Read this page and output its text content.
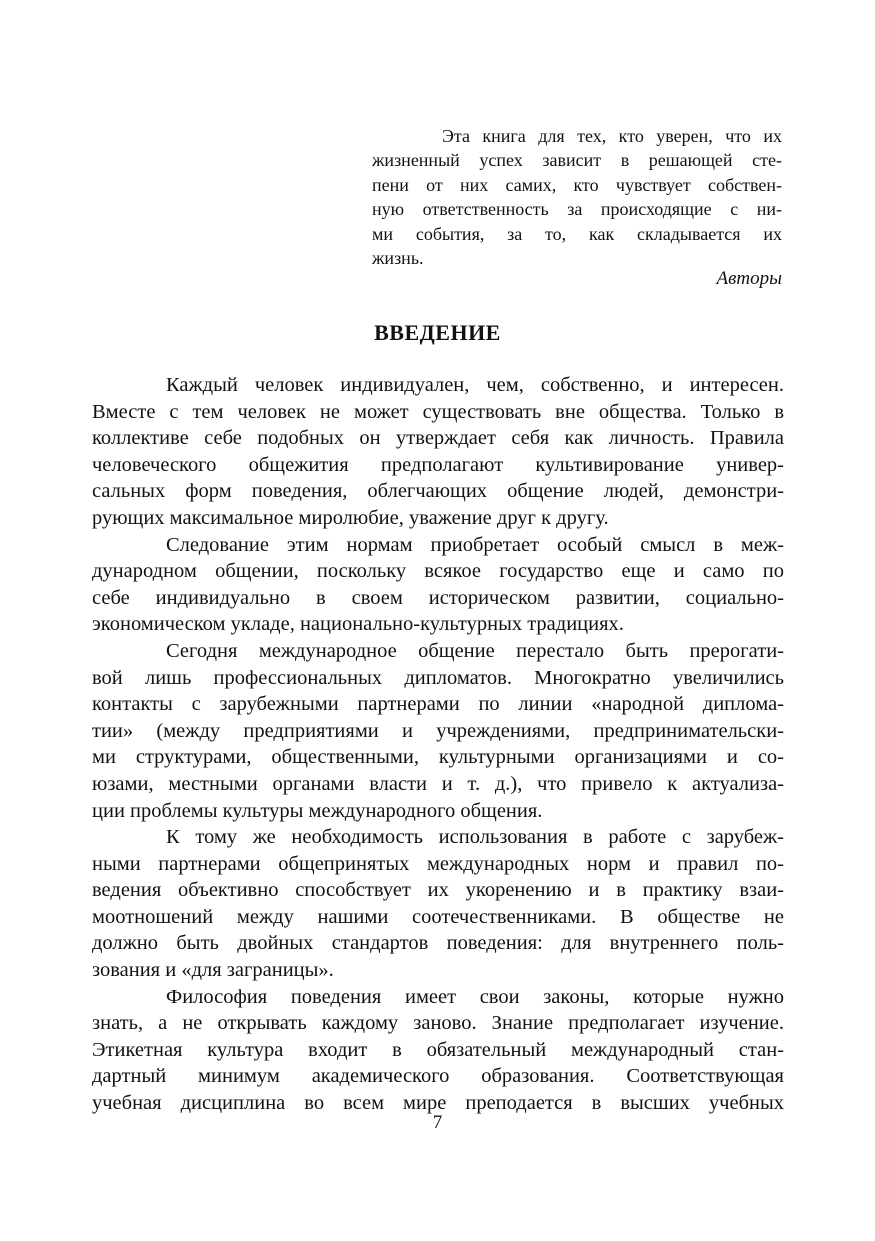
Эта книга для тех, кто уверен, что их
жизненный успех зависит в решающей сте-
пени от них самих, кто чувствует собствен-
ную ответственность за происходящие с ни-
ми события, за то, как складывается их
жизнь.
Авторы
ВВЕДЕНИЕ
Каждый человек индивидуален, чем, собственно, и интересен.
Вместе с тем человек не может существовать вне общества. Только в
коллективе себе подобных он утверждает себя как личность. Правила
человеческого общежития предполагают культивирование универ-
сальных форм поведения, облегчающих общение людей, демонстри-
рующих максимальное миролюбие, уважение друг к другу.
Следование этим нормам приобретает особый смысл в меж-
дународном общении, поскольку всякое государство еще и само по
себе индивидуально в своем историческом развитии, социально-
экономическом укладе, национально-культурных традициях.
Сегодня международное общение перестало быть прерогати-
вой лишь профессиональных дипломатов. Многократно увеличились
контакты с зарубежными партнерами по линии «народной диплома-
тии» (между предприятиями и учреждениями, предпринимательски-
ми структурами, общественными, культурными организациями и со-
юзами, местными органами власти и т. д.), что привело к актуализа-
ции проблемы культуры международного общения.
К тому же необходимость использования в работе с зарубеж-
ными партнерами общепринятых международных норм и правил по-
ведения объективно способствует их укоренению и в практику взаи-
моотношений между нашими соотечественниками. В обществе не
должно быть двойных стандартов поведения: для внутреннего поль-
зования и «для заграницы».
Философия поведения имеет свои законы, которые нужно
знать, а не открывать каждому заново. Знание предполагает изучение.
Этикетная культура входит в обязательный международный стан-
дартный минимум академического образования. Соответствующая
учебная дисциплина во всем мире преподается в высших учебных
7
